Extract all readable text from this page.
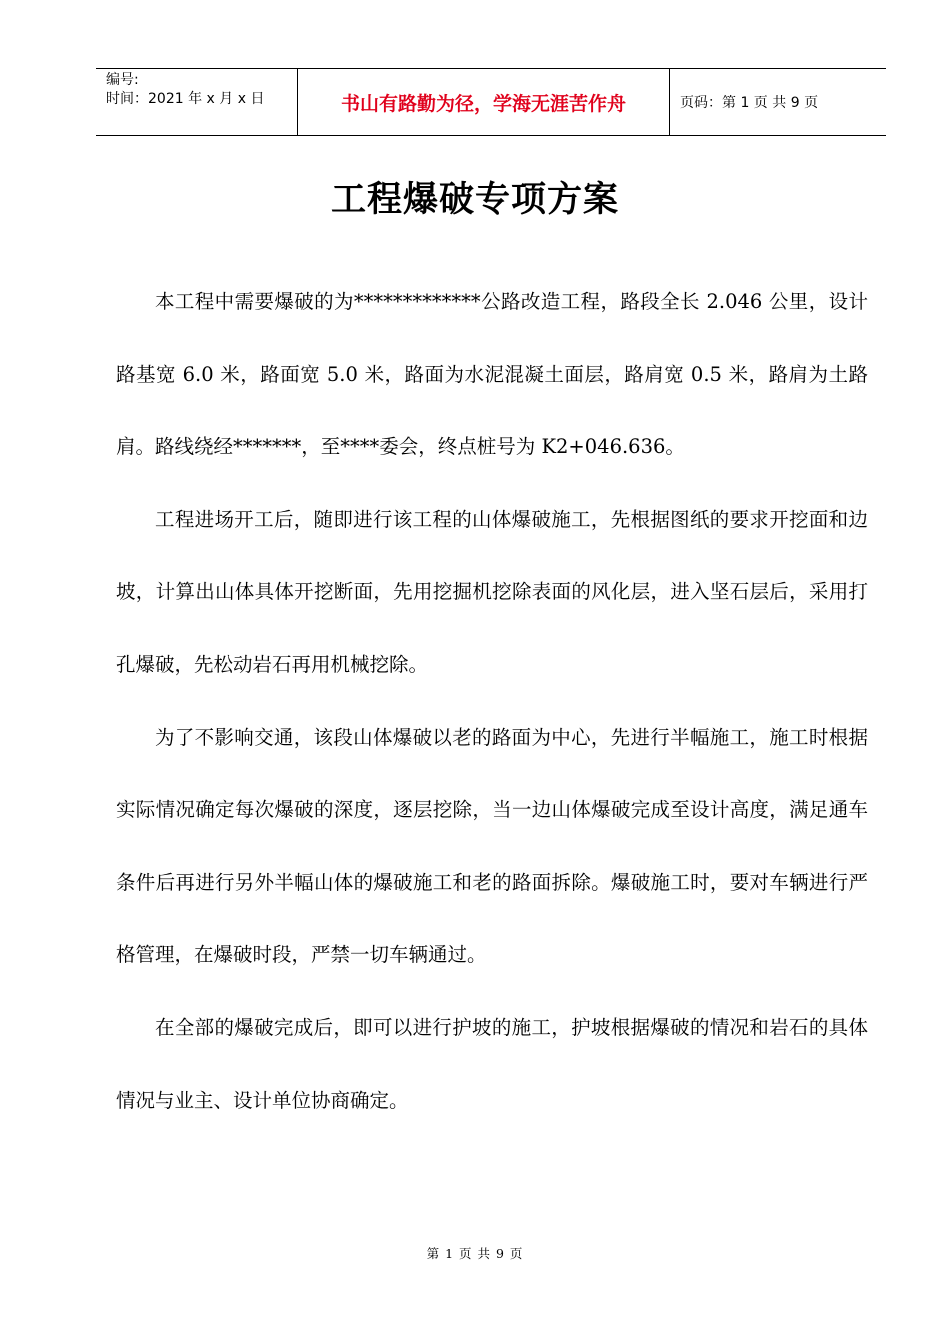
编号:
时间：2021 年 x 月 x 日	书山有路勤为径，学海无涯苦作舟	页码：第 1 页 共 9 页
工程爆破专项方案

本工程中需要爆破的为*************公路改造工程，路段全长 2.046 公里，设计路基宽 6.0 米，路面宽 5.0 米，路面为水泥混凝土面层，路肩宽 0.5 米，路肩为土路肩。路线绕经*******，至****委会，终点桩号为 K2+046.636。

工程进场开工后，随即进行该工程的山体爆破施工，先根据图纸的要求开挖面和边坡，计算出山体具体开挖断面，先用挖掘机挖除表面的风化层，进入坚石层后，采用打孔爆破，先松动岩石再用机械挖除。

为了不影响交通，该段山体爆破以老的路面为中心，先进行半幅施工，施工时根据实际情况确定每次爆破的深度，逐层挖除，当一边山体爆破完成至设计高度，满足通车条件后再进行另外半幅山体的爆破施工和老的路面拆除。爆破施工时，要对车辆进行严格管理，在爆破时段，严禁一切车辆通过。

在全部的爆破完成后，即可以进行护坡的施工，护坡根据爆破的情况和岩石的具体情况与业主、设计单位协商确定。

第 1 页 共 9 页
